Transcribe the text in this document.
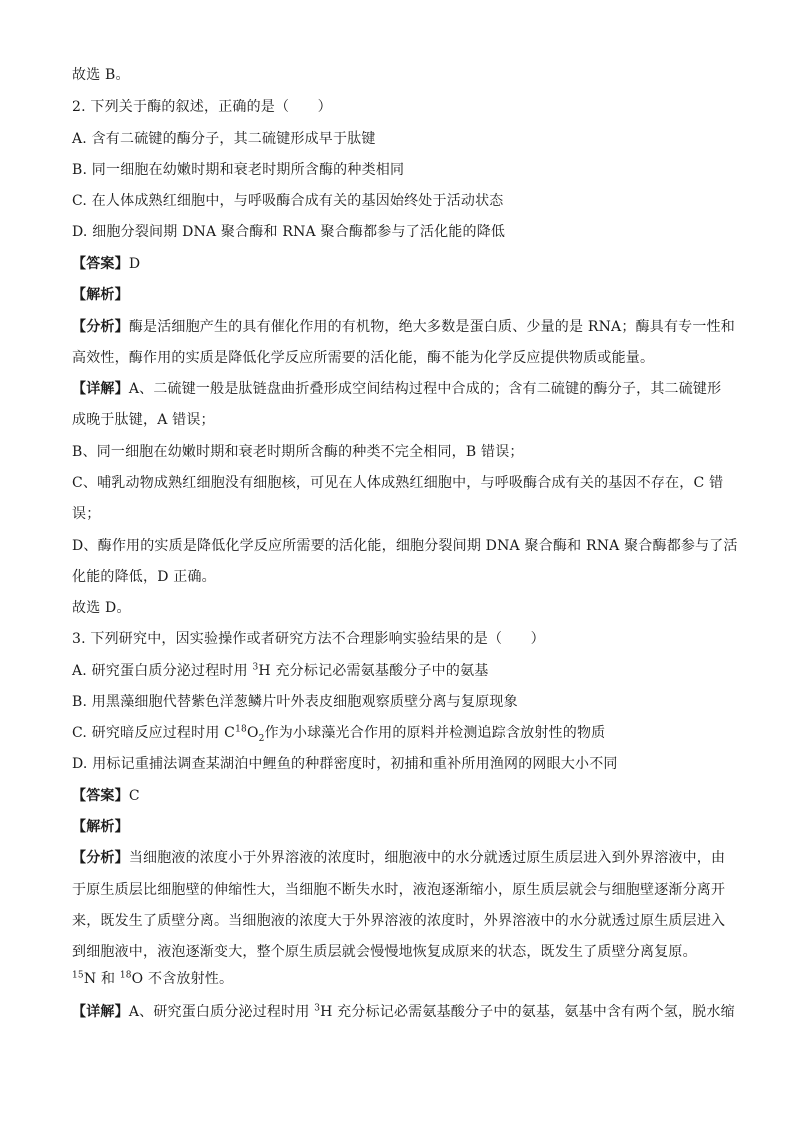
故选 B。
2. 下列关于酶的叙述，正确的是（　　）
A. 含有二硫键的酶分子，其二硫键形成早于肽键
B. 同一细胞在幼嫩时期和衰老时期所含酶的种类相同
C. 在人体成熟红细胞中，与呼吸酶合成有关的基因始终处于活动状态
D. 细胞分裂间期 DNA 聚合酶和 RNA 聚合酶都参与了活化能的降低
【答案】D
【解析】
【分析】酶是活细胞产生的具有催化作用的有机物，绝大多数是蛋白质、少量的是 RNA；酶具有专一性和
高效性，酶作用的实质是降低化学反应所需要的活化能，酶不能为化学反应提供物质或能量。
【详解】A、二硫键一般是肽链盘曲折叠形成空间结构过程中合成的；含有二硫键的酶分子，其二硫键形
成晚于肽键，A 错误；
B、同一细胞在幼嫩时期和衰老时期所含酶的种类不完全相同，B 错误；
C、哺乳动物成熟红细胞没有细胞核，可见在人体成熟红细胞中，与呼吸酶合成有关的基因不存在，C 错
误；
D、酶作用的实质是降低化学反应所需要的活化能，细胞分裂间期 DNA 聚合酶和 RNA 聚合酶都参与了活
化能的降低，D 正确。
故选 D。
3. 下列研究中，因实验操作或者研究方法不合理影响实验结果的是（　　）
A. 研究蛋白质分泌过程时用 $^3$H 充分标记必需氨基酸分子中的氨基
B. 用黑藻细胞代替紫色洋葱鳞片叶外表皮细胞观察质壁分离与复原现象
C. 研究暗反应过程时用 $C^{18}O_2$作为小球藻光合作用的原料并检测追踪含放射性的物质
D. 用标记重捕法调查某湖泊中鲤鱼的种群密度时，初捕和重补所用渔网的网眼大小不同
【答案】C
【解析】
【分析】当细胞液的浓度小于外界溶液的浓度时，细胞液中的水分就透过原生质层进入到外界溶液中，由
于原生质层比细胞壁的伸缩性大，当细胞不断失水时，液泡逐渐缩小，原生质层就会与细胞壁逐渐分离开
来，既发生了质壁分离。当细胞液的浓度大于外界溶液的浓度时，外界溶液中的水分就透过原生质层进入
到细胞液中，液泡逐渐变大，整个原生质层就会慢慢地恢复成原来的状态，既发生了质壁分离复原。
$^{15}$N 和 $^{18}$O 不含放射性。
【详解】A、研究蛋白质分泌过程时用 $^3$H 充分标记必需氨基酸分子中的氨基，氨基中含有两个氢，脱水缩
